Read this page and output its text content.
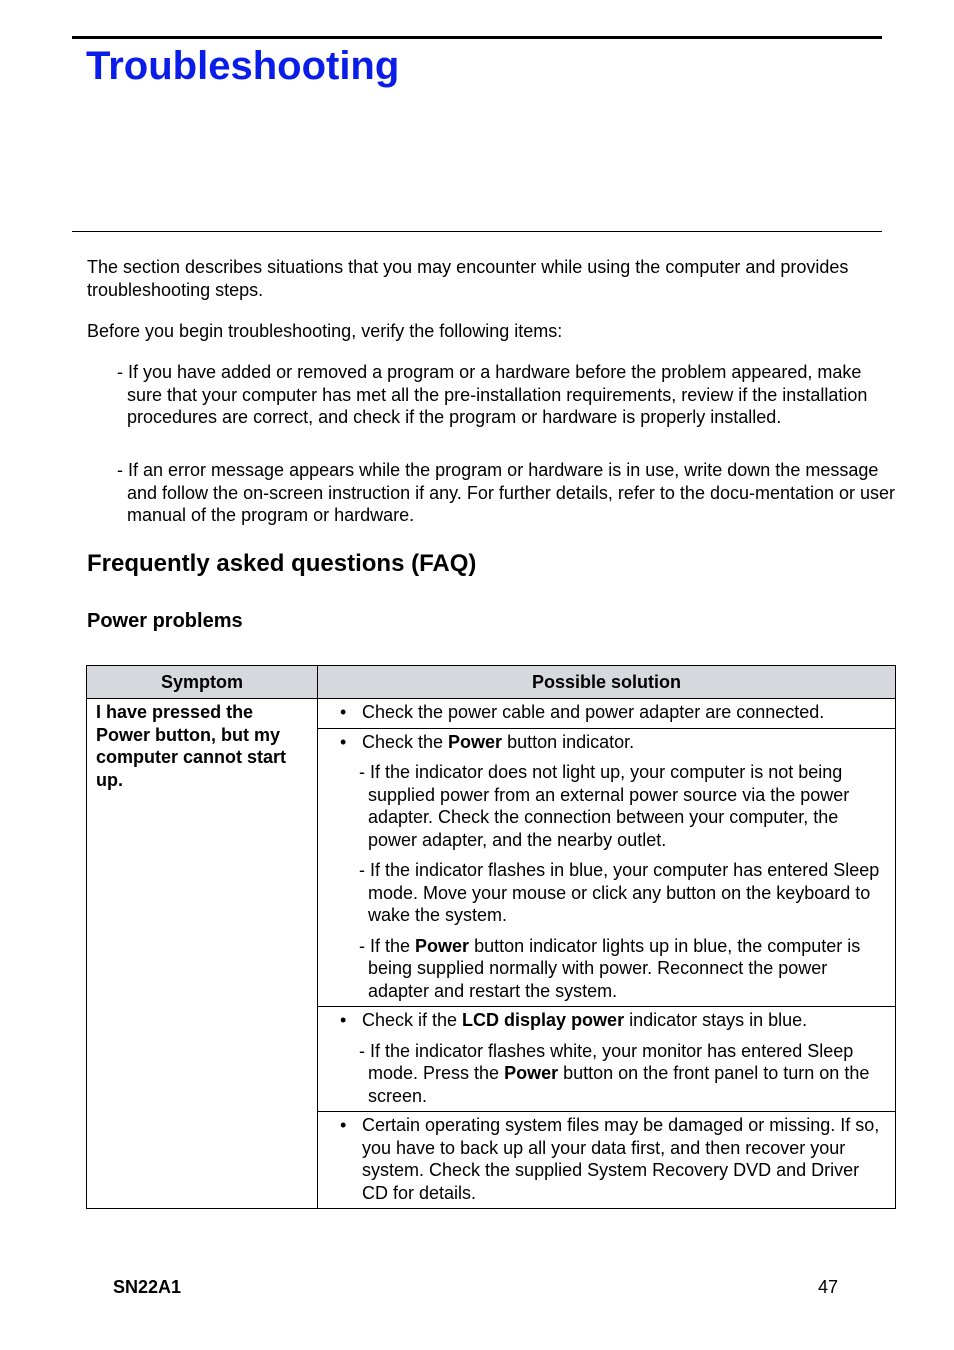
Troubleshooting

The section describes situations that you may encounter while using the computer and provides troubleshooting steps.

Before you begin troubleshooting, verify the following items:

- If you have added or removed a program or a hardware before the problem appeared, make sure that your computer has met all the pre-installation requirements, review if the installation procedures are correct, and check if the program or hardware is properly installed.

- If an error message appears while the program or hardware is in use, write down the message and follow the on-screen instruction if any. For further details, refer to the docu-mentation or user manual of the program or hardware.

Frequently asked questions (FAQ)
Power problems
Symptom	Possible solution
I have pressed the Power button, but my computer cannot start up.	• Check the power cable and power adapter are connected.

	• Check the Power button indicator.
- If the indicator does not light up, your computer is not being supplied power from an external power source via the power adapter. Check the connection between your computer, the power adapter, and the nearby outlet.
- If the indicator flashes in blue, your computer has entered Sleep mode. Move your mouse or click any button on the keyboard to wake the system.
- If the Power button indicator lights up in blue, the computer is being supplied normally with power. Reconnect the power adapter and restart the system.

	• Check if the LCD display power indicator stays in blue.
- If the indicator flashes white, your monitor has entered Sleep mode. Press the Power button on the front panel to turn on the screen.

	• Certain operating system files may be damaged or missing. If so, you have to back up all your data first, and then recover your system. Check the supplied System Recovery DVD and Driver CD for details.

SN22A1	47
